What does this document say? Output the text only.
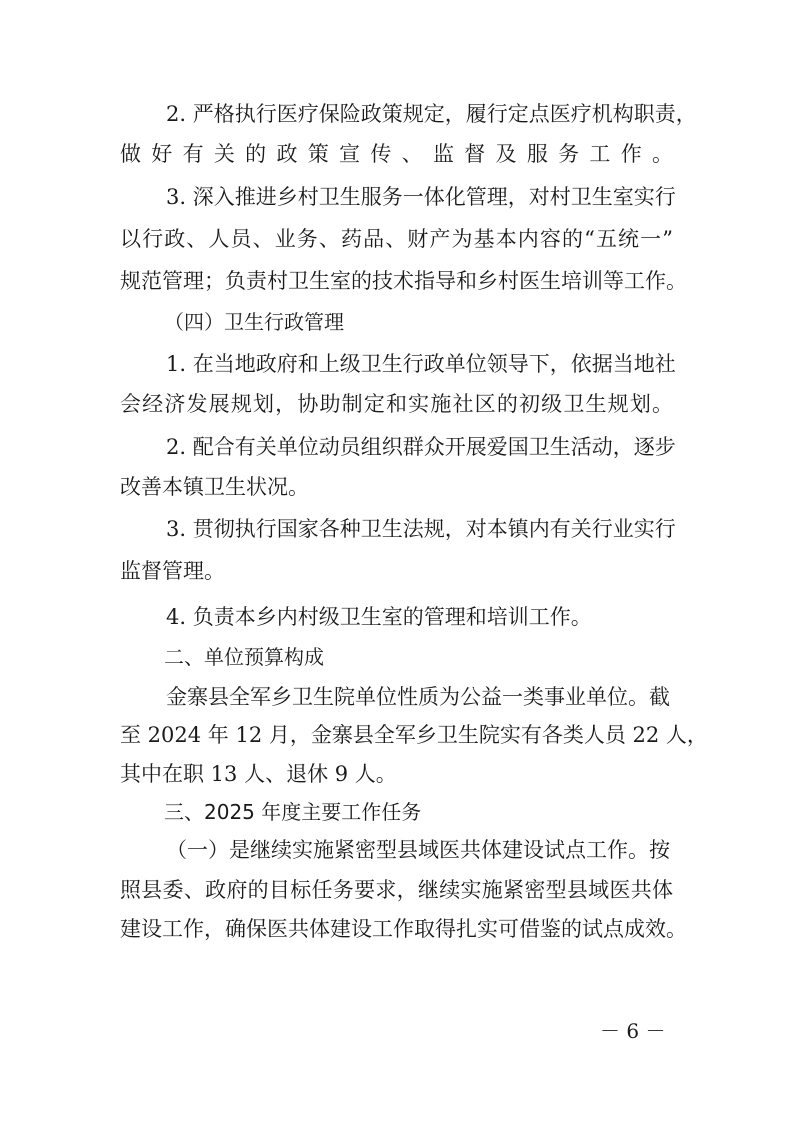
2. 严格执行医疗保险政策规定，履行定点医疗机构职责，
做好有关的政策宣传、监督及服务工作。
3. 深入推进乡村卫生服务一体化管理，对村卫生室实行
以行政、人员、业务、药品、财产为基本内容的“五统一”
规范管理；负责村卫生室的技术指导和乡村医生培训等工作。
（四）卫生行政管理
1. 在当地政府和上级卫生行政单位领导下，依据当地社
会经济发展规划，协助制定和实施社区的初级卫生规划。
2. 配合有关单位动员组织群众开展爱国卫生活动，逐步
改善本镇卫生状况。
3. 贯彻执行国家各种卫生法规，对本镇内有关行业实行
监督管理。
4. 负责本乡内村级卫生室的管理和培训工作。
二、单位预算构成
金寨县全军乡卫生院单位性质为公益一类事业单位。截
至 2024 年 12 月，金寨县全军乡卫生院实有各类人员 22 人，
其中在职 13 人、退休 9 人。
三、2025 年度主要工作任务
（一）是继续实施紧密型县域医共体建设试点工作。按
照县委、政府的目标任务要求，继续实施紧密型县域医共体
建设工作，确保医共体建设工作取得扎实可借鉴的试点成效。
－ 6 －
